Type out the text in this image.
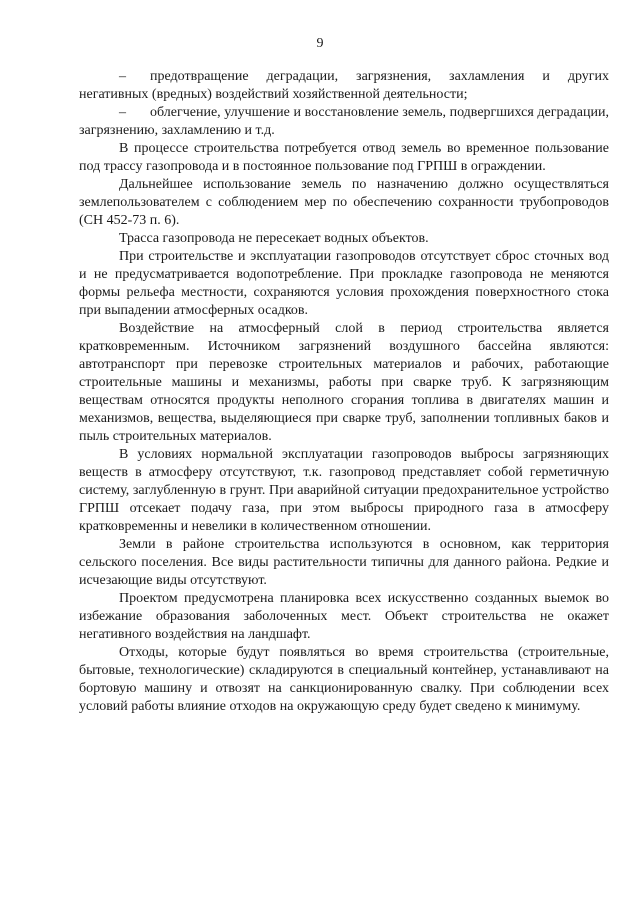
9

– предотвращение деградации, загрязнения, захламления и других негативных (вредных) воздействий хозяйственной деятельности;

– облегчение, улучшение и восстановление земель, подвергшихся деградации, загрязнению, захламлению и т.д.

В процессе строительства потребуется отвод земель во временное пользование под трассу газопровода и в постоянное пользование под ГРПШ в ограждении.

Дальнейшее использование земель по назначению должно осуществляться землепользователем с соблюдением мер по обеспечению сохранности трубопроводов (СН 452-73 п. 6).

Трасса газопровода не пересекает водных объектов.

При строительстве и эксплуатации газопроводов отсутствует сброс сточных вод и не предусматривается водопотребление. При прокладке газопровода не меняются формы рельефа местности, сохраняются условия прохождения поверхностного стока при выпадении атмосферных осадков.

Воздействие на атмосферный слой в период строительства является кратковременным. Источником загрязнений воздушного бассейна являются: автотранспорт при перевозке строительных материалов и рабочих, работающие строительные машины и механизмы, работы при сварке труб. К загрязняющим веществам относятся продукты неполного сгорания топлива в двигателях машин и механизмов, вещества, выделяющиеся при сварке труб, заполнении топливных баков и пыль строительных материалов.

В условиях нормальной эксплуатации газопроводов выбросы загрязняющих веществ в атмосферу отсутствуют, т.к. газопровод представляет собой герметичную систему, заглубленную в грунт. При аварийной ситуации предохранительное устройство ГРПШ отсекает подачу газа, при этом выбросы природного газа в атмосферу кратковременны и невелики в количественном отношении.

Земли в районе строительства используются в основном, как территория сельского поселения. Все виды растительности типичны для данного района. Редкие и исчезающие виды отсутствуют.

Проектом предусмотрена планировка всех искусственно созданных выемок во избежание образования заболоченных мест. Объект строительства не окажет негативного воздействия на ландшафт.

Отходы, которые будут появляться во время строительства (строительные, бытовые, технологические) складируются в специальный контейнер, устанавливают на бортовую машину и отвозят на санкционированную свалку. При соблюдении всех условий работы влияние отходов на окружающую среду будет сведено к минимуму.
